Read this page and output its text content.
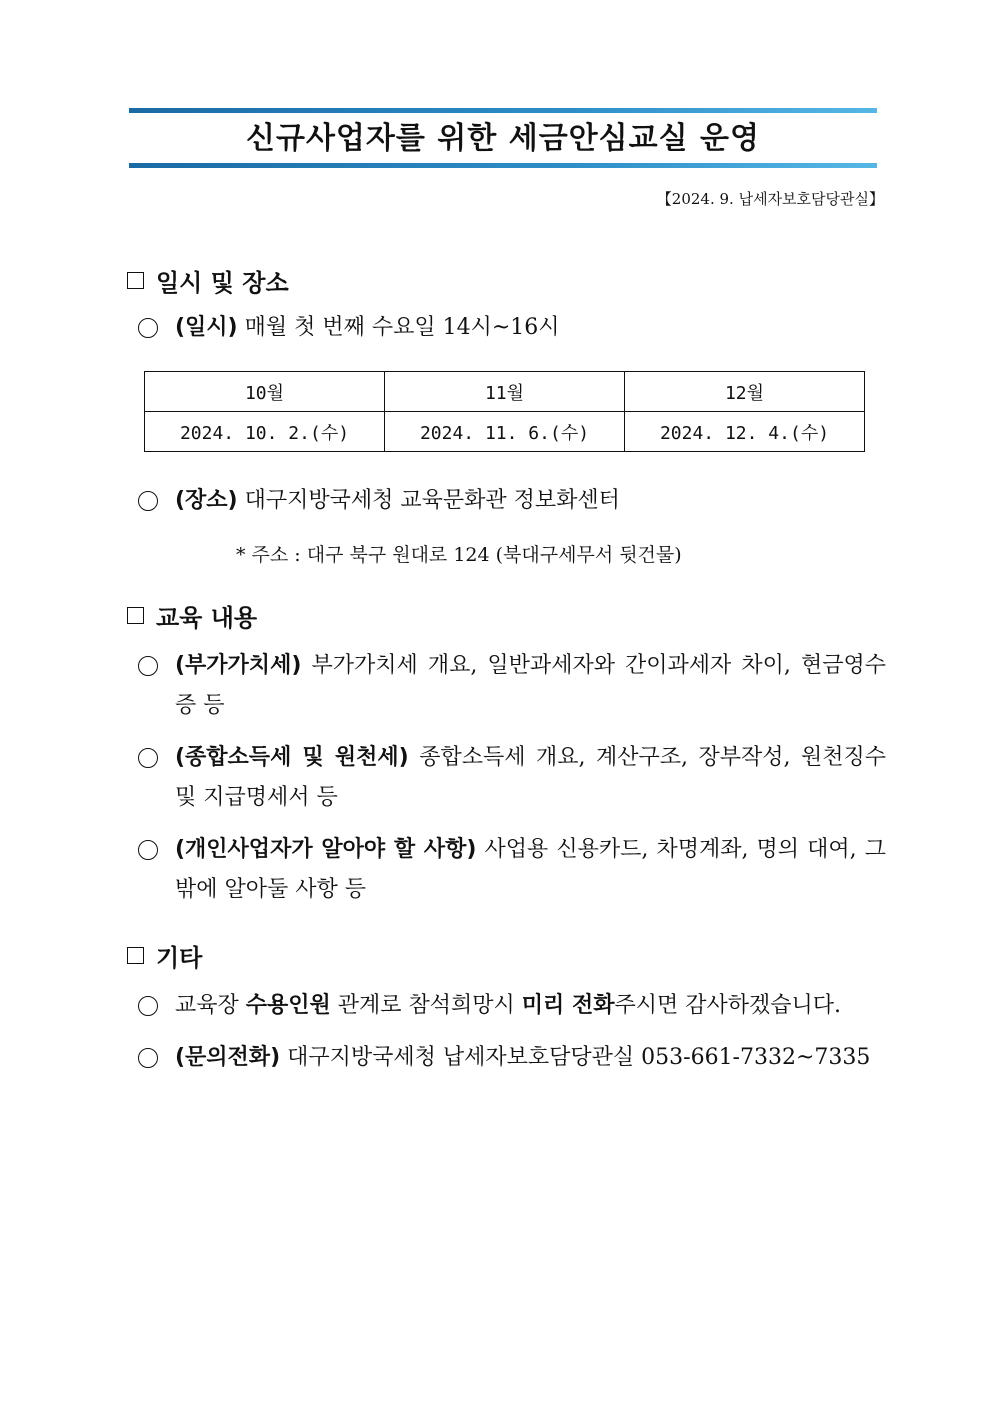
신규사업자를 위한 세금안심교실 운영
【2024. 9. 납세자보호담당관실】
일시 및 장소
(일시) 매월 첫 번째 수요일 14시~16시
10월	11월	12월
2024. 10. 2.(수)	2024. 11. 6.(수)	2024. 12. 4.(수)
(장소) 대구지방국세청 교육문화관 정보화센터
* 주소 : 대구 북구 원대로 124 (북대구세무서 뒷건물)
교육 내용
(부가가치세) 부가가치세 개요, 일반과세자와 간이과세자 차이, 현금영수증 등
(종합소득세 및 원천세) 종합소득세 개요, 계산구조, 장부작성, 원천징수 및 지급명세서 등
(개인사업자가 알아야 할 사항) 사업용 신용카드, 차명계좌, 명의 대여, 그 밖에 알아둘 사항 등
기타
교육장 수용인원 관계로 참석희망시 미리 전화주시면 감사하겠습니다.
(문의전화) 대구지방국세청 납세자보호담당관실 053-661-7332~7335
